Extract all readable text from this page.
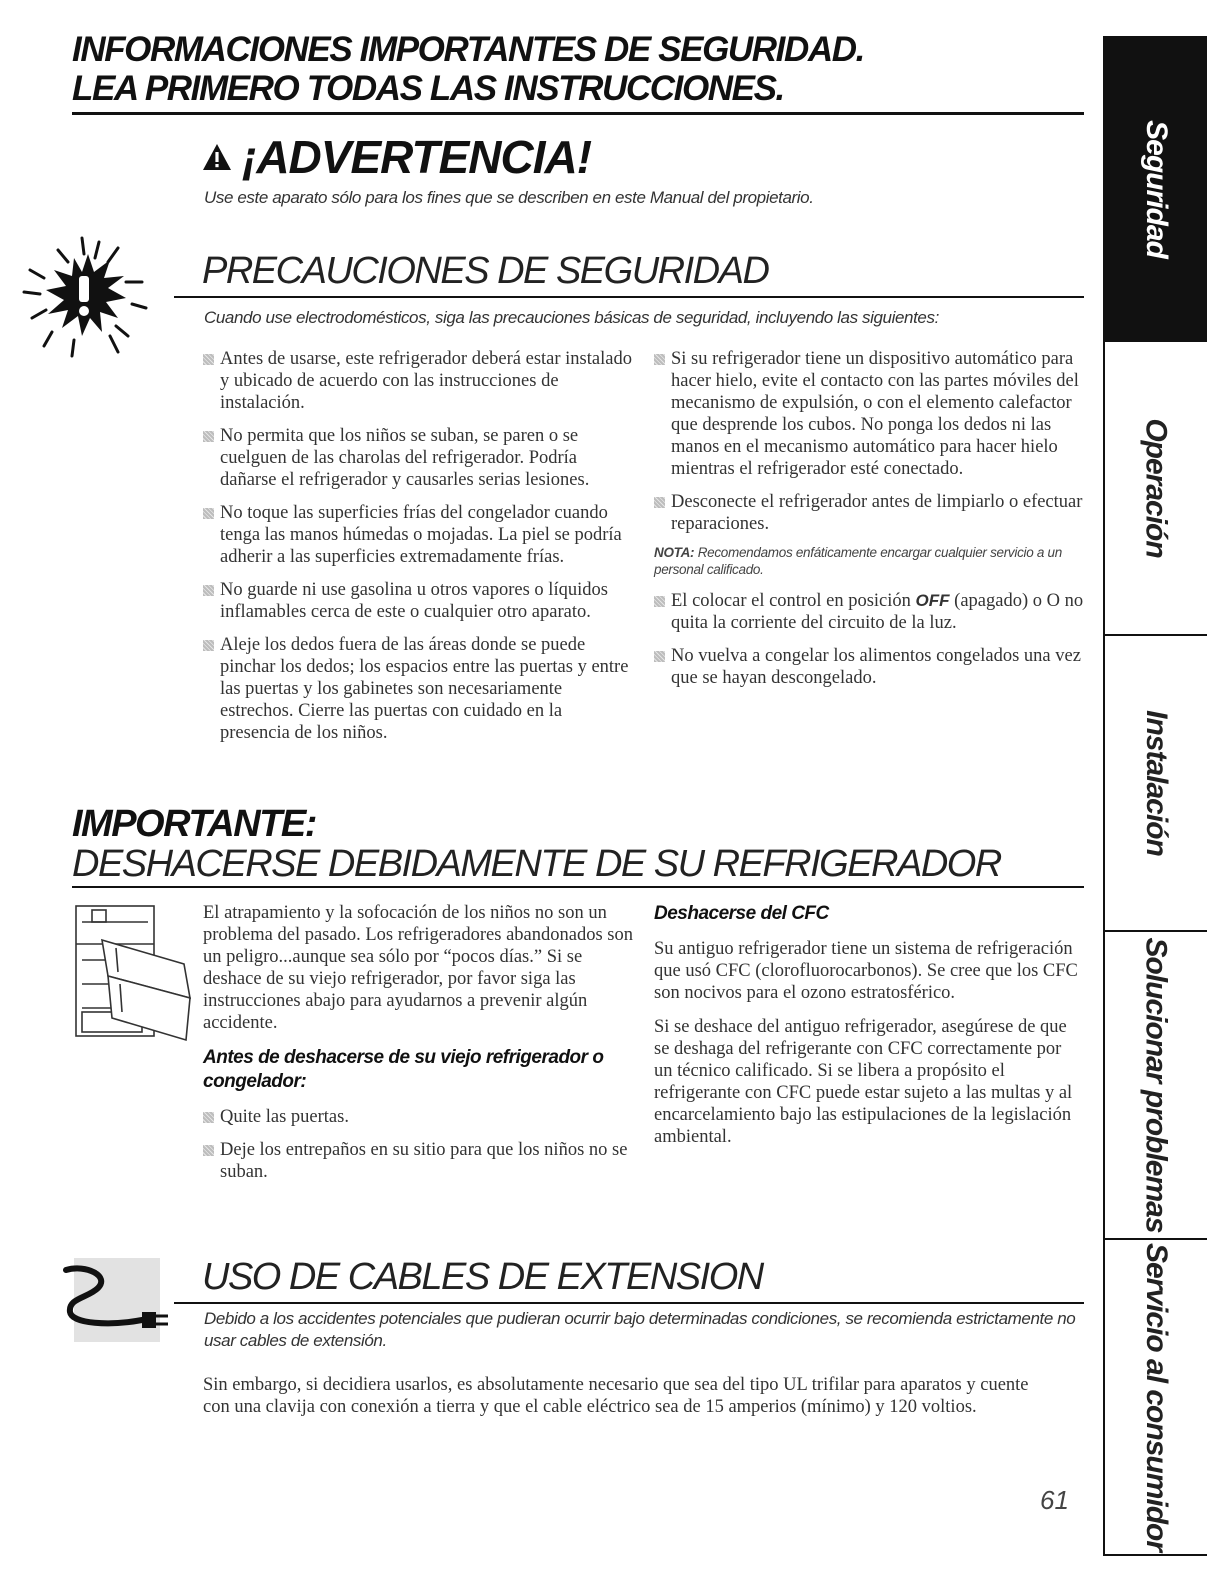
INFORMACIONES IMPORTANTES DE SEGURIDAD.
LEA PRIMERO TODAS LAS INSTRUCCIONES.
¡ADVERTENCIA!
Use este aparato sólo para los fines que se describen en este Manual del propietario.
PRECAUCIONES DE SEGURIDAD
Cuando use electrodomésticos, siga las precauciones básicas de seguridad, incluyendo las siguientes:
Antes de usarse, este refrigerador deberá estar instalado y ubicado de acuerdo con las instrucciones de instalación.
No permita que los niños se suban, se paren o se cuelguen de las charolas del refrigerador. Podría dañarse el refrigerador y causarles serias lesiones.
No toque las superficies frías del congelador cuando tenga las manos húmedas o mojadas. La piel se podría adherir a las superficies extremadamente frías.
No guarde ni use gasolina u otros vapores o líquidos inflamables cerca de este o cualquier otro aparato.
Aleje los dedos fuera de las áreas donde se puede pinchar los dedos; los espacios entre las puertas y entre las puertas y los gabinetes son necesariamente estrechos. Cierre las puertas con cuidado en la presencia de los niños.
Si su refrigerador tiene un dispositivo automático para hacer hielo, evite el contacto con las partes móviles del mecanismo de expulsión, o con el elemento calefactor que desprende los cubos. No ponga los dedos ni las manos en el mecanismo automático para hacer hielo mientras el refrigerador esté conectado.
Desconecte el refrigerador antes de limpiarlo o efectuar reparaciones.
NOTA: Recomendamos enfáticamente encargar cualquier servicio a un personal calificado.
El colocar el control en posición OFF (apagado) o O no quita la corriente del circuito de la luz.
No vuelva a congelar los alimentos congelados una vez que se hayan descongelado.
IMPORTANTE:
DESHACERSE DEBIDAMENTE DE SU REFRIGERADOR
El atrapamiento y la sofocación de los niños no son un problema del pasado. Los refrigeradores abandonados son un peligro...aunque sea sólo por “pocos días.” Si se deshace de su viejo refrigerador, por favor siga las instrucciones abajo para ayudarnos a prevenir algún accidente.
Antes de deshacerse de su viejo refrigerador o congelador:
Quite las puertas.
Deje los entrepaños en su sitio para que los niños no se suban.
Deshacerse del CFC
Su antiguo refrigerador tiene un sistema de refrigeración que usó CFC (clorofluorocarbonos). Se cree que los CFC son nocivos para el ozono estratosférico.
Si se deshace del antiguo refrigerador, asegúrese de que se deshaga del refrigerante con CFC correctamente por un técnico calificado. Si se libera a propósito el refrigerante con CFC puede estar sujeto a las multas y al encarcelamiento bajo las estipulaciones de la legislación ambiental.
USO DE CABLES DE EXTENSION
Debido a los accidentes potenciales que pudieran ocurrir bajo determinadas condiciones, se recomienda estrictamente no usar cables de extensión.
Sin embargo, si decidiera usarlos, es absolutamente necesario que sea del tipo UL trifilar para aparatos y cuente con una clavija con conexión a tierra y que el cable eléctrico sea de 15 amperios (mínimo) y 120 voltios.
Seguridad
Operación
Instalación
Solucionar problemas
Servicio al consumidor
61
